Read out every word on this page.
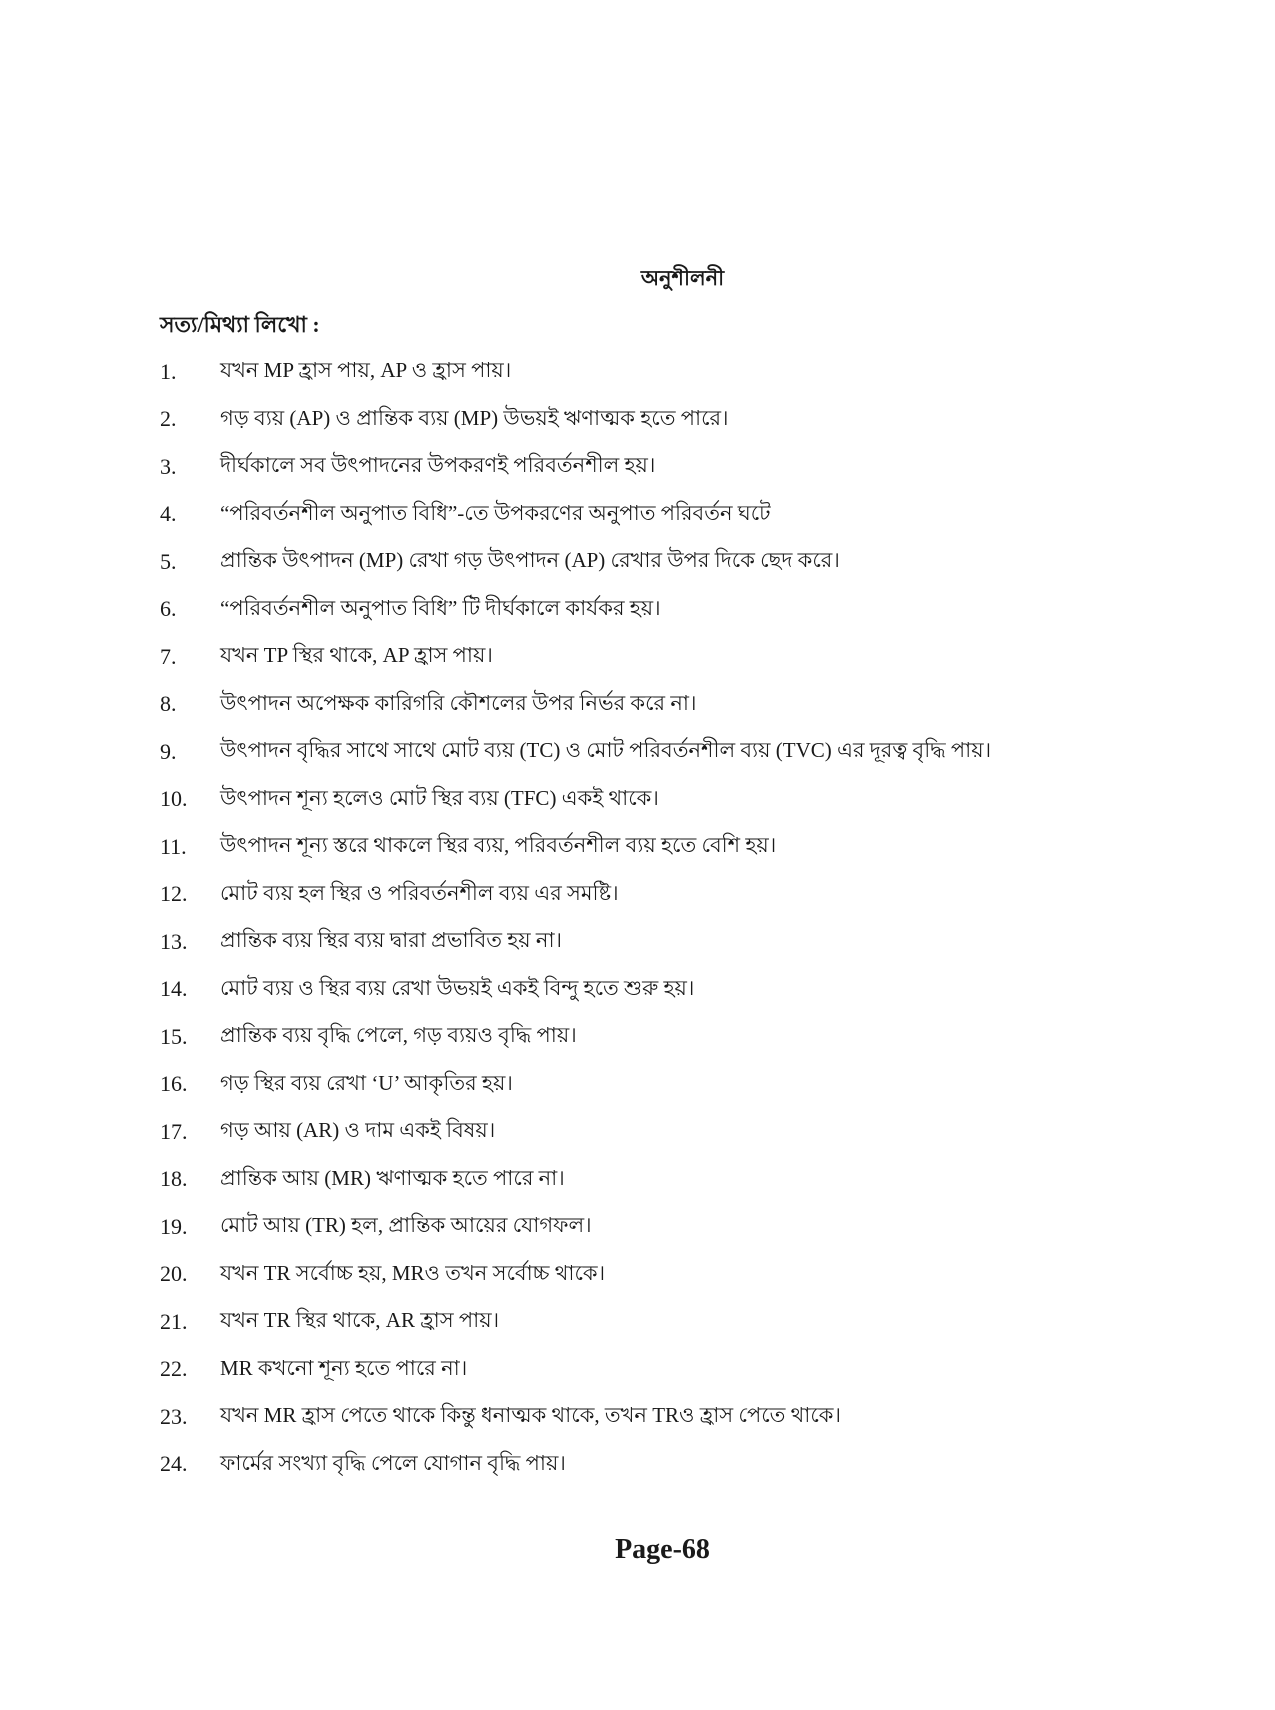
অনুশীলনী
সত্য/মিথ্যা লিখো :
1.	যখন MP হ্রাস পায়, AP ও হ্রাস পায়।
2.	গড় ব্যয় (AP) ও প্রান্তিক ব্যয় (MP) উভয়ই ঋণাত্মক হতে পারে।
3.	দীর্ঘকালে সব উৎপাদনের উপকরণই পরিবর্তনশীল হয়।
4.	“পরিবর্তনশীল অনুপাত বিধি”-তে উপকরণের অনুপাত পরিবর্তন ঘটে
5.	প্রান্তিক উৎপাদন (MP) রেখা গড় উৎপাদন (AP) রেখার উপর দিকে ছেদ করে।
6.	“পরিবর্তনশীল অনুপাত বিধি” টি দীর্ঘকালে কার্যকর হয়।
7.	যখন TP স্থির থাকে, AP হ্রাস পায়।
8.	উৎপাদন অপেক্ষক কারিগরি কৌশলের উপর নির্ভর করে না।
9.	উৎপাদন বৃদ্ধির সাথে সাথে মোট ব্যয় (TC) ও মোট পরিবর্তনশীল ব্যয় (TVC) এর দূরত্ব বৃদ্ধি পায়।
10.	উৎপাদন শূন্য হলেও মোট স্থির ব্যয় (TFC) একই থাকে।
11.	উৎপাদন শূন্য স্তরে থাকলে স্থির ব্যয়, পরিবর্তনশীল ব্যয় হতে বেশি হয়।
12.	মোট ব্যয় হল স্থির ও পরিবর্তনশীল ব্যয় এর সমষ্টি।
13.	প্রান্তিক ব্যয় স্থির ব্যয় দ্বারা প্রভাবিত হয় না।
14.	মোট ব্যয় ও স্থির ব্যয় রেখা উভয়ই একই বিন্দু হতে শুরু হয়।
15.	প্রান্তিক ব্যয় বৃদ্ধি পেলে, গড় ব্যয়ও বৃদ্ধি পায়।
16.	গড় স্থির ব্যয় রেখা ‘U’ আকৃতির হয়।
17.	গড় আয় (AR) ও দাম একই বিষয়।
18.	প্রান্তিক আয় (MR) ঋণাত্মক হতে পারে না।
19.	মোট আয় (TR) হল, প্রান্তিক আয়ের যোগফল।
20.	যখন TR সর্বোচ্চ হয়, MRও তখন সর্বোচ্চ থাকে।
21.	যখন TR স্থির থাকে, AR হ্রাস পায়।
22.	MR কখনো শূন্য হতে পারে না।
23.	যখন MR হ্রাস পেতে থাকে কিন্তু ধনাত্মক থাকে, তখন TRও হ্রাস পেতে থাকে।
24.	ফার্মের সংখ্যা বৃদ্ধি পেলে যোগান বৃদ্ধি পায়।
Page-68
